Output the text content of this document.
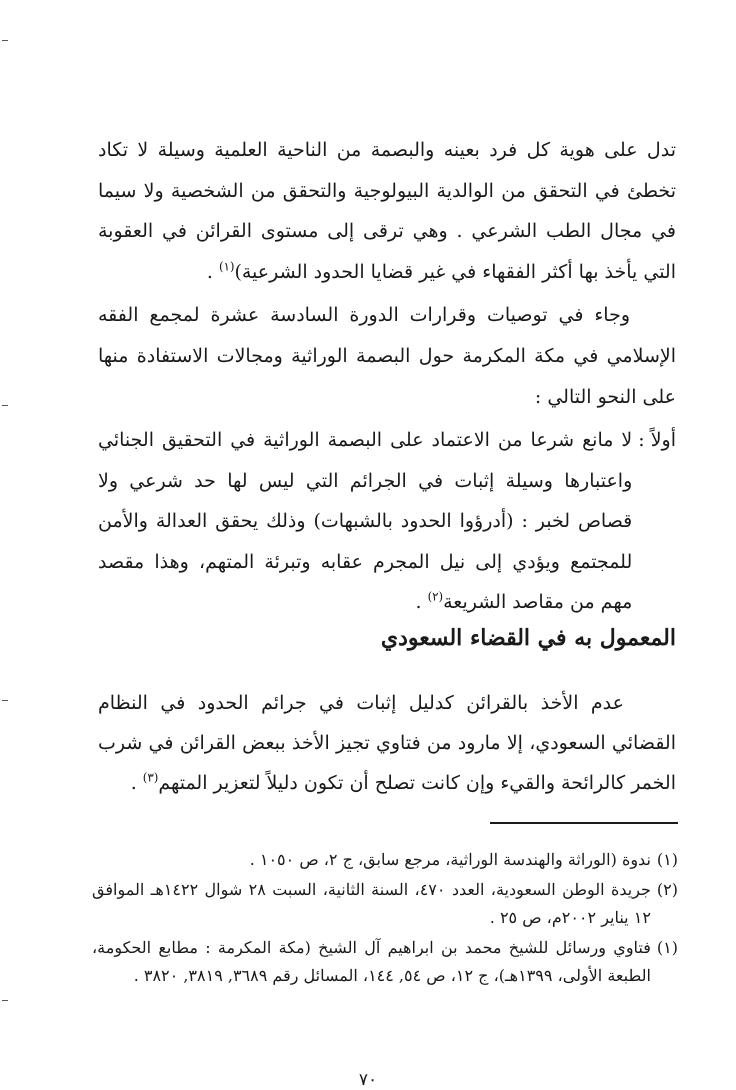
تدل على هوية كل فرد بعينه والبصمة من الناحية العلمية وسيلة لا تكاد تخطئ في التحقق من الوالدية البيولوجية والتحقق من الشخصية ولا سيما في مجال الطب الشرعي . وهي ترقى إلى مستوى القرائن في العقوبة التي يأخذ بها أكثر الفقهاء في غير قضايا الحدود الشرعية)$^{(١)}$ .

وجاء في توصيات وقرارات الدورة السادسة عشرة لمجمع الفقه الإسلامي في مكة المكرمة حول البصمة الوراثية ومجالات الاستفادة منها على النحو التالي :

أولاً :
لا مانع شرعا من الاعتماد على البصمة الوراثية في التحقيق الجنائي واعتبارها وسيلة إثبات في الجرائم التي ليس لها حد شرعي ولا قصاص لخبر : (أدرؤوا الحدود بالشبهات) وذلك يحقق العدالة والأمن للمجتمع ويؤدي إلى نيل المجرم عقابه وتبرئة المتهم، وهذا مقصد مهم من مقاصد الشريعة$^{(٢)}$ .
المعمول به في القضاء السعودي

عدم الأخذ بالقرائن كدليل إثبات في جرائم الحدود في النظام القضائي السعودي، إلا مارود من فتاوي تجيز الأخذ ببعض القرائن في شرب الخمر كالرائحة والقيء وإن كانت تصلح أن تكون دليلاً لتعزير المتهم$^{(٣)}$ .

(١)
ندوة (الوراثة والهندسة الوراثية، مرجع سابق، ج ٢، ص ١٠٥٠ .
(٢)
جريدة الوطن السعودية، العدد ٤٧٠، السنة الثانية، السبت ٢٨ شوال ١٤٢٢هـ الموافق ١٢ يناير ٢٠٠٢م، ص ٢٥ .
(١)
فتاوي ورسائل للشيخ محمد بن ابراهيم آل الشيخ (مكة المكرمة : مطابع الحكومة، الطبعة الأولى، ١٣٩٩هـ)، ج ١٢، ص ٥٤, ١٤٤، المسائل رقم ٣٦٨٩, ٣٨١٩, ٣٨٢٠ .
٧٠
